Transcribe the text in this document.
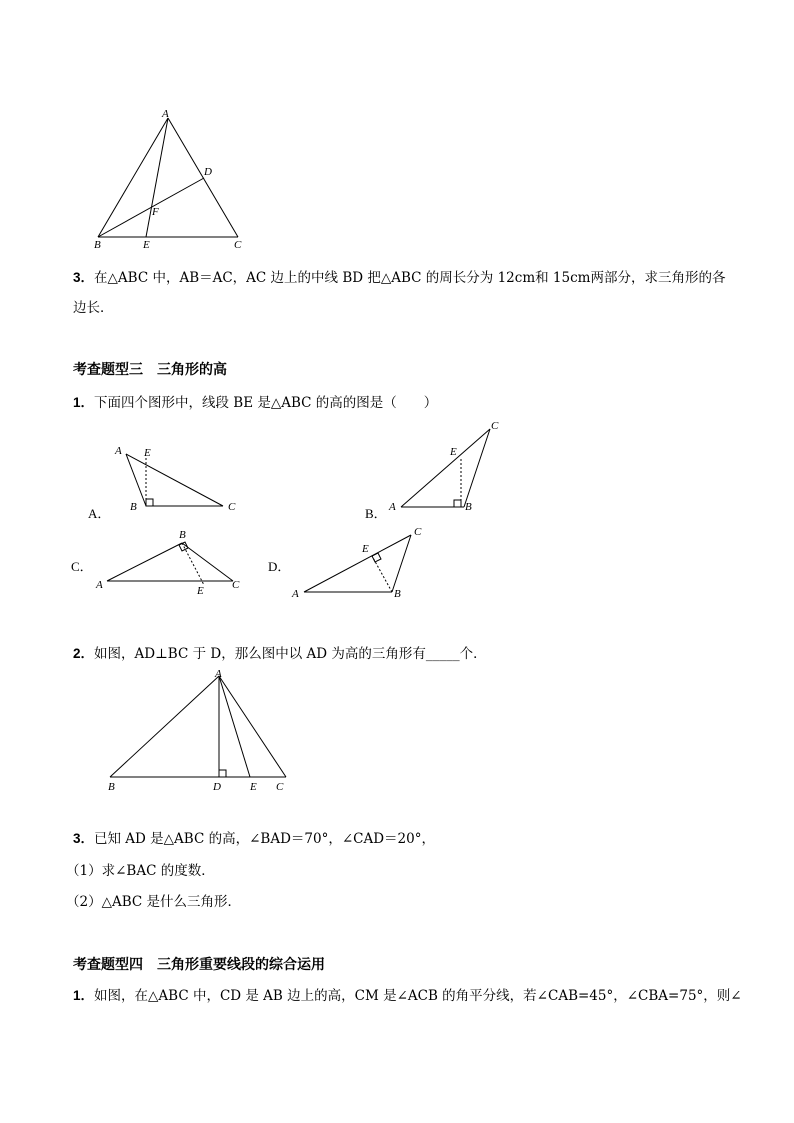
A
D
F
B	E	C
3．在△ABC 中，AB＝AC，AC 边上的中线 BD 把△ABC 的周长分为 12cm和 15cm两部分，求三角形的各
边长．
考查题型三　三角形的高
1．下面四个图形中，线段 BE 是△ABC 的高的图是（　　）
A．
A E
B	C	B．
C
E
A	B
C．
B
A	E	C
D．
C
E
A	B
2．如图，AD⊥BC 于 D，那么图中以 AD 为高的三角形有_____个．
A
B	D	E C
3．已知 AD 是△ABC 的高，∠BAD＝70°，∠CAD＝20°，
（1）求∠BAC 的度数．
（2）△ABC 是什么三角形．
考查题型四　三角形重要线段的综合运用
1．如图，在△ABC 中，CD 是 AB 边上的高，CM 是∠ACB 的角平分线，若∠CAB=45°，∠CBA=75°，则∠
